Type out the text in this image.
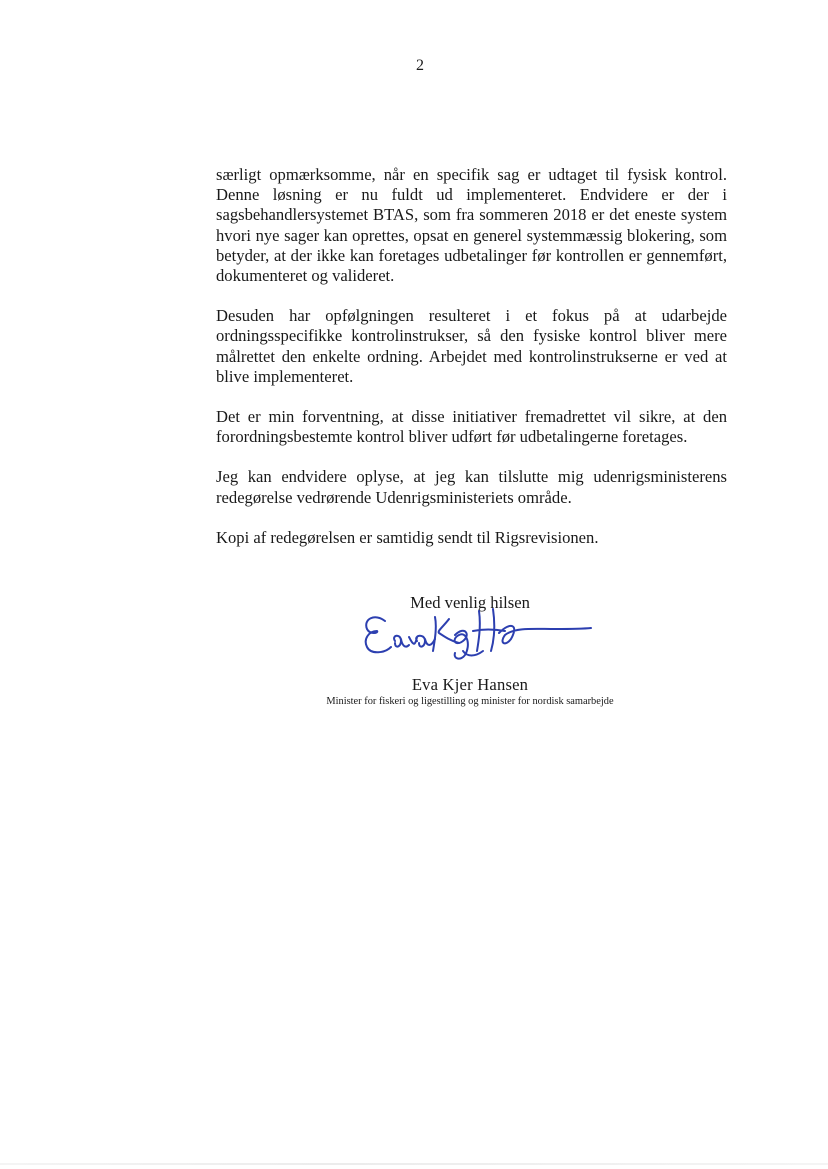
2

særligt opmærksomme, når en specifik sag er udtaget til fysisk kontrol. Denne løsning er nu fuldt ud implementeret. Endvidere er der i sagsbehandlersystemet BTAS, som fra sommeren 2018 er det eneste system hvori nye sager kan oprettes, opsat en generel systemmæssig blokering, som betyder, at der ikke kan foretages udbetalinger før kontrollen er gennemført, dokumenteret og valideret.

Desuden har opfølgningen resulteret i et fokus på at udarbejde ordningsspecifikke kontrolinstrukser, så den fysiske kontrol bliver mere målrettet den enkelte ordning. Arbejdet med kontrolinstrukserne er ved at blive implementeret.

Det er min forventning, at disse initiativer fremadrettet vil sikre, at den forordningsbestemte kontrol bliver udført før udbetalingerne foretages.

Jeg kan endvidere oplyse, at jeg kan tilslutte mig udenrigsministerens redegørelse vedrørende Udenrigsministeriets område.

Kopi af redegørelsen er samtidig sendt til Rigsrevisionen.

Med venlig hilsen
Eva Kjer Hansen
Minister for fiskeri og ligestilling og minister for nordisk samarbejde
